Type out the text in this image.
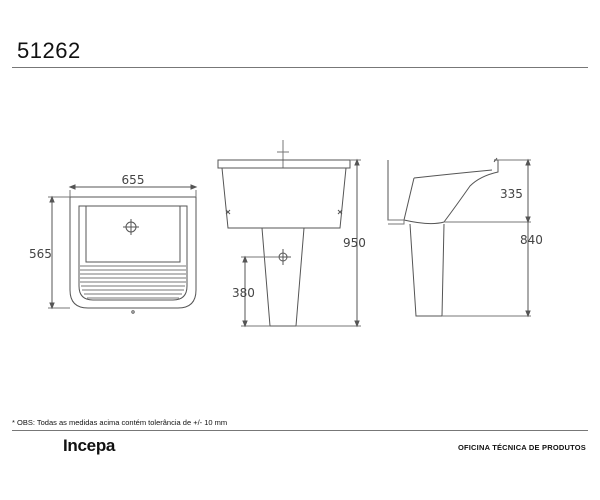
51262
655
565
950
380
335
840
* OBS: Todas as medidas acima contém tolerância de +/- 10 mm
Incepa	OFICINA TÉCNICA DE PRODUTOS
